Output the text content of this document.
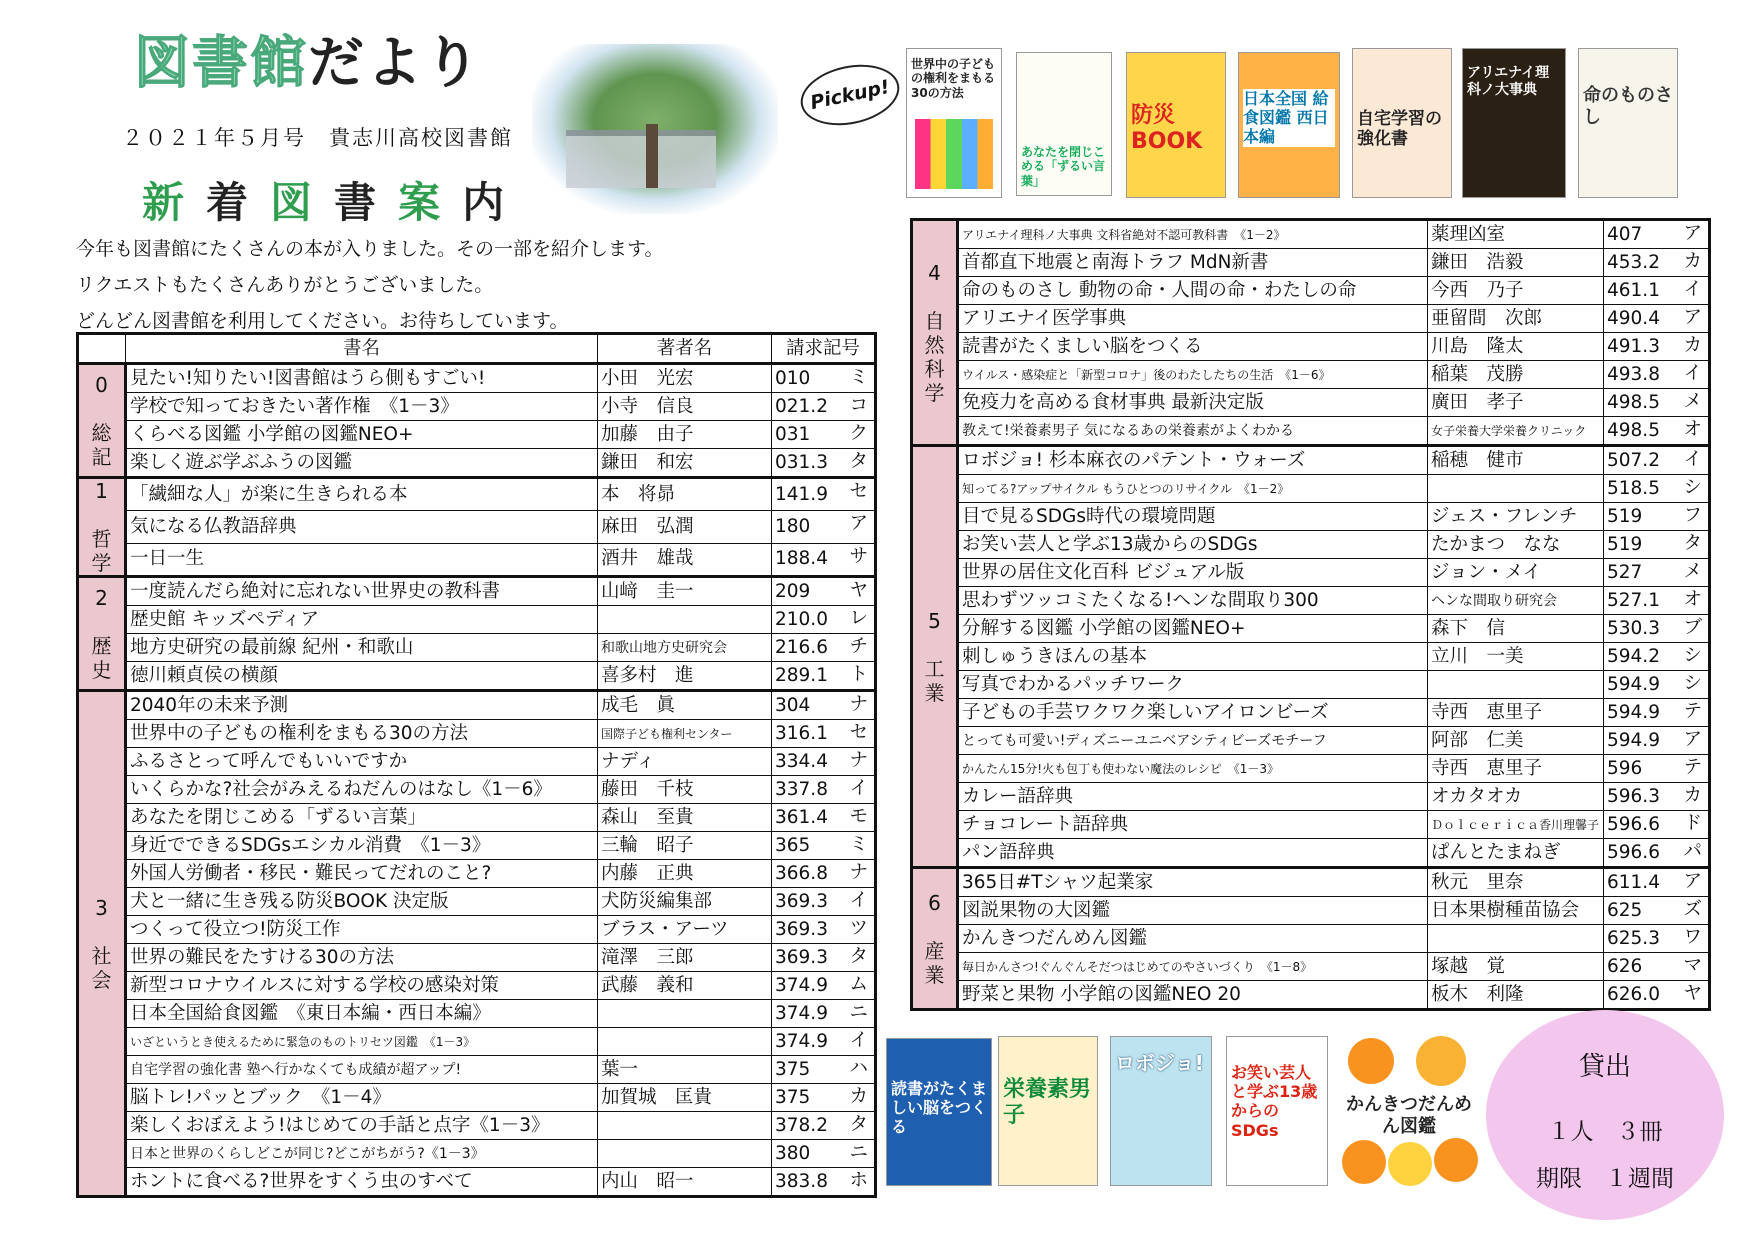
図書館だより
２０２１年５月号　貴志川高校図書館
新着図書案内
今年も図書館にたくさんの本が入りました。その一部を紹介します。
リクエストもたくさんありがとうございました。
どんどん図書館を利用してください。お待ちしています。
Pickup!
世界中の子どもの権利をまもる30の方法
あなたを閉じこめる「ずるい言葉」
防災BOOK
日本全国 給食図鑑 西日本編
自宅学習の強化書
アリエナイ理科ノ大事典	命のものさし
	書名	著者名	請求記号
0

総
記	見たい!知りたい!図書館はうら側もすごい!	小田　光宏	010 ミ

	学校で知っておきたい著作権　《1－3》	小寺　信良	021.2 コ

	くらべる図鑑 小学館の図鑑NEO+	加藤　由子	031 ク

	楽しく遊ぶ学ぶふうの図鑑	鎌田　和宏	031.3 タ

1

哲
学	「繊細な人」が楽に生きられる本	本　将昴	141.9 セ

	気になる仏教語辞典	麻田　弘潤	180 ア

	一日一生	酒井　雄哉	188.4 サ

2

歴
史	一度読んだら絶対に忘れない世界史の教科書	山﨑　圭一	209 ヤ

	歴史館 キッズペディア		210.0 レ

	地方史研究の最前線 紀州・和歌山	和歌山地方史研究会	216.6 チ

	徳川頼貞侯の横顔	喜多村　進	289.1 ト

3

社
会	2040年の未来予測	成毛　眞	304 ナ

	世界中の子どもの権利をまもる30の方法	国際子ども権利センター	316.1 セ

	ふるさとって呼んでもいいですか	ナディ	334.4 ナ

	いくらかな?社会がみえるねだんのはなし《1－6》	藤田　千枝	337.8 イ

	あなたを閉じこめる「ずるい言葉」	森山　至貴	361.4 モ

	身近でできるSDGsエシカル消費　《1－3》	三輪　昭子	365 ミ

	外国人労働者・移民・難民ってだれのこと?	内藤　正典	366.8 ナ

	犬と一緒に生き残る防災BOOK 決定版	犬防災編集部	369.3 イ

	つくって役立つ!防災工作	ブラス・アーツ	369.3 ツ

	世界の難民をたすける30の方法	滝澤　三郎	369.3 タ

	新型コロナウイルスに対する学校の感染対策	武藤　義和	374.9 ム

	日本全国給食図鑑　《東日本編・西日本編》		374.9 ニ

	いざというとき使えるために緊急のものトリセツ図鑑　《1－3》		374.9 イ

	自宅学習の強化書 塾へ行かなくても成績が超アップ!	葉一	375 ハ

	脳トレ!パッとブック　《1－4》	加賀城　匡貴	375 カ

	楽しくおぼえよう!はじめての手話と点字《1－3》		378.2 タ

	日本と世界のくらしどこが同じ?どこがちがう?《1－3》		380 ニ

	ホントに食べる?世界をすくう虫のすべて	内山　昭一	383.8 ホ
4

自
然
科
学	アリエナイ理科ノ大事典 文科省絶対不認可教科書　《1－2》	薬理凶室	407 ア

	首都直下地震と南海トラフ MdN新書	鎌田　浩毅	453.2 カ

	命のものさし 動物の命・人間の命・わたしの命	今西　乃子	461.1 イ

	アリエナイ医学事典	亜留間　次郎	490.4 ア

	読書がたくましい脳をつくる	川島　隆太	491.3 カ

	ウイルス・感染症と「新型コロナ」後のわたしたちの生活　《1－6》	稲葉　茂勝	493.8 イ

	免疫力を高める食材事典 最新決定版	廣田　孝子	498.5 メ

	教えて!栄養素男子 気になるあの栄養素がよくわかる	女子栄養大学栄養クリニック	498.5 オ

5

工
業	ロボジョ! 杉本麻衣のパテント・ウォーズ	稲穂　健市	507.2 イ

	知ってる?アップサイクル もうひとつのリサイクル　《1－2》		518.5 シ

	目で見るSDGs時代の環境問題	ジェス・フレンチ	519 フ

	お笑い芸人と学ぶ13歳からのSDGs	たかまつ　なな	519 タ

	世界の居住文化百科 ビジュアル版	ジョン・メイ	527 メ

	思わずツッコミたくなる!ヘンな間取り300	ヘンな間取り研究会	527.1 オ

	分解する図鑑 小学館の図鑑NEO+	森下　信	530.3 ブ

	刺しゅうきほんの基本	立川　一美	594.2 シ

	写真でわかるパッチワーク		594.9 シ

	子どもの手芸ワクワク楽しいアイロンビーズ	寺西　恵里子	594.9 テ

	とっても可愛い!ディズニーユニベアシティビーズモチーフ	阿部　仁美	594.9 ア

	かんたん15分!火も包丁も使わない魔法のレシピ　《1－3》	寺西　恵里子	596 テ

	カレー語辞典	オカタオカ	596.3 カ

	チョコレート語辞典	Ｄｏｌｃｅｒｉｃａ香川理馨子	596.6 ド

	パン語辞典	ぱんとたまねぎ	596.6 パ

6

産
業	365日#Tシャツ起業家	秋元　里奈	611.4 ア

	図説果物の大図鑑	日本果樹種苗協会	625 ズ

	かんきつだんめん図鑑		625.3 ワ

	毎日かんさつ!ぐんぐんそだつはじめてのやさいづくり　《1－8》	塚越　覚	626 マ

	野菜と果物 小学館の図鑑NEO 20	板木　利隆	626.0 ヤ
読書がたくましい脳をつくる
栄養素男子
ロボジョ! お笑い芸人と学ぶ13歳からのSDGs
かんきつだんめん図鑑
貸出
１人　３冊
期限　１週間
